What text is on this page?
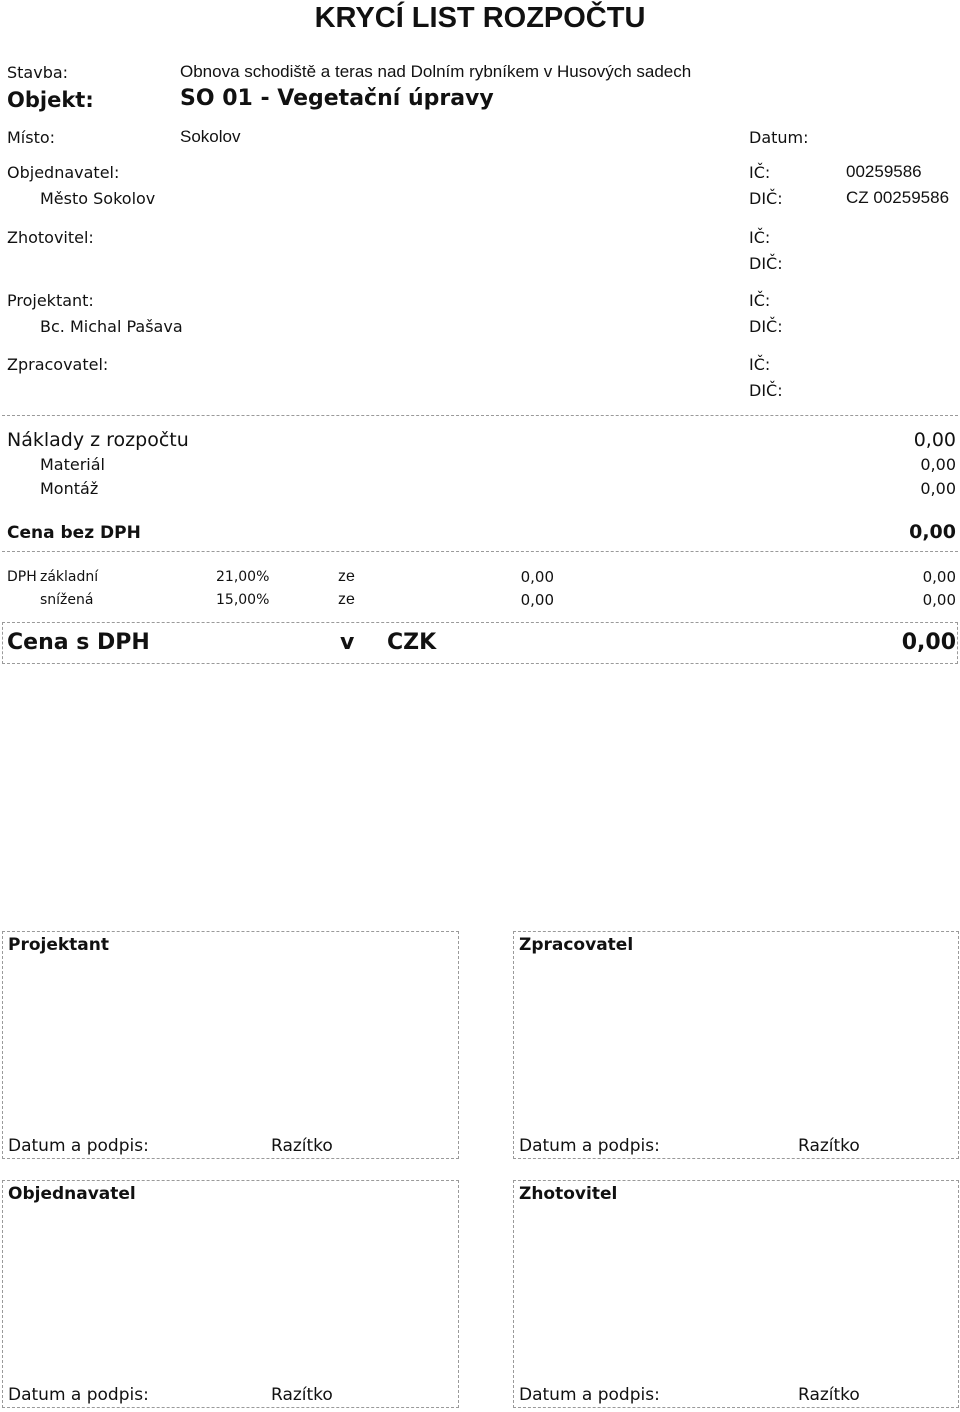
KRYCÍ LIST ROZPOČTU
Stavba:	Obnova schodiště a teras nad Dolním rybníkem v Husových sadech
Objekt:	SO 01 - Vegetační úpravy
Místo:	Sokolov	Datum:
Objednavatel:
Město Sokolov
IČ:	00259586
DIČ:	CZ 00259586
Zhotovitel:	IČ:
DIČ:
Projektant:
Bc. Michal Pašava
IČ:
DIČ:
Zpracovatel:	IČ:
DIČ:
Náklady z rozpočtu	0,00
Materiál	0,00
Montáž	0,00
Cena bez DPH	0,00
DPH základní	21,00%	ze	0,00	0,00
snížená	15,00%	ze	0,00	0,00
Cena s DPH	v CZK	0,00
Projektant
Datum a podpis:	Razítko
Zpracovatel
Datum a podpis:	Razítko
Objednavatel
Datum a podpis:	Razítko
Zhotovitel
Datum a podpis:	Razítko
